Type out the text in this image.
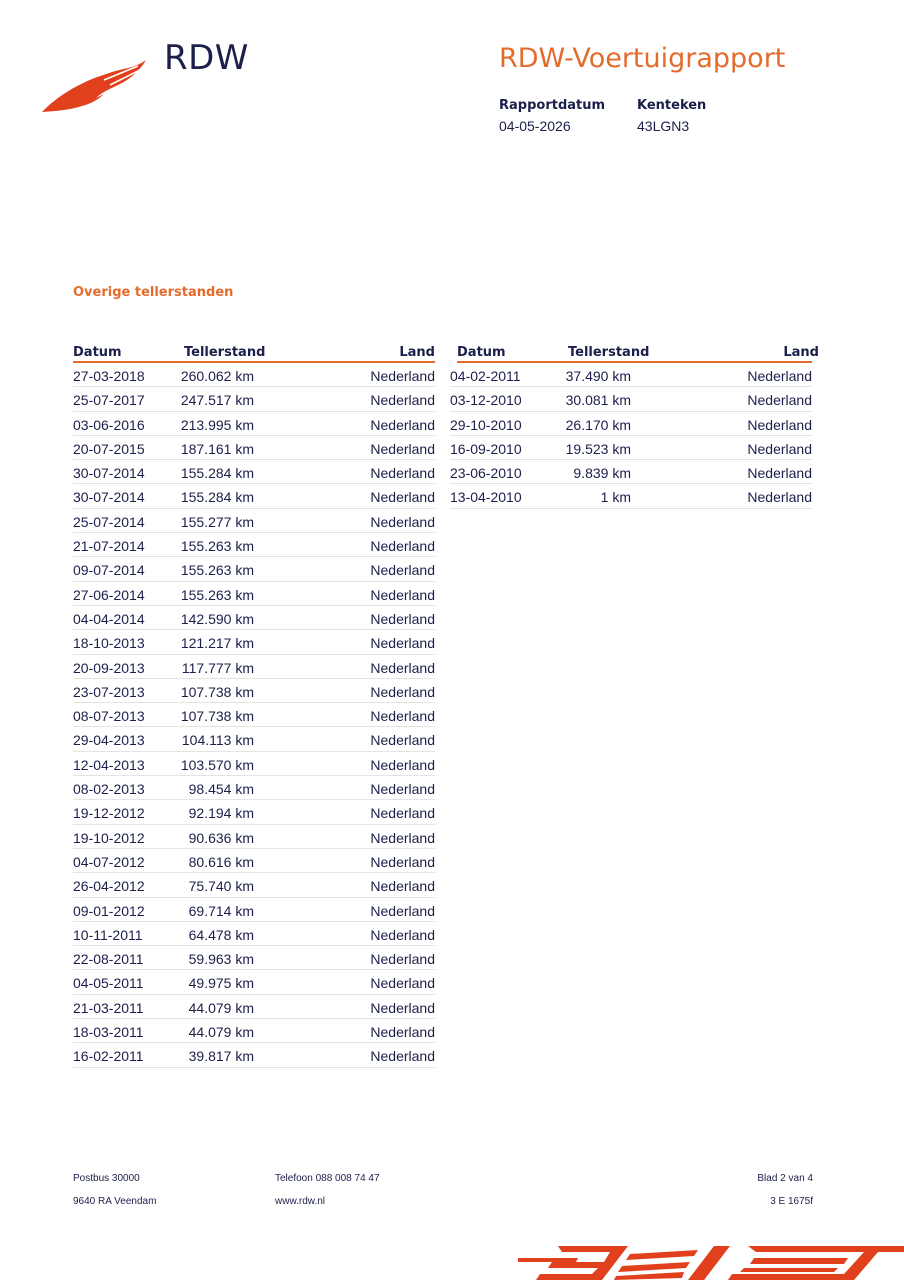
RDW	RDW-Voertuigrapport
Rapportdatum
04-05-2026
Kenteken
43LGN3
Overige tellerstanden
Datum	Tellerstand	Land
27-03-2018	260.062 km	Nederland
25-07-2017	247.517 km	Nederland
03-06-2016	213.995 km	Nederland
20-07-2015	187.161 km	Nederland
30-07-2014	155.284 km	Nederland
30-07-2014	155.284 km	Nederland
25-07-2014	155.277 km	Nederland
21-07-2014	155.263 km	Nederland
09-07-2014	155.263 km	Nederland
27-06-2014	155.263 km	Nederland
04-04-2014	142.590 km	Nederland
18-10-2013	121.217 km	Nederland
20-09-2013	117.777 km	Nederland
23-07-2013	107.738 km	Nederland
08-07-2013	107.738 km	Nederland
29-04-2013	104.113 km	Nederland
12-04-2013	103.570 km	Nederland
08-02-2013	98.454 km	Nederland
19-12-2012	92.194 km	Nederland
19-10-2012	90.636 km	Nederland
04-07-2012	80.616 km	Nederland
26-04-2012	75.740 km	Nederland
09-01-2012	69.714 km	Nederland
10-11-2011	64.478 km	Nederland
22-08-2011	59.963 km	Nederland
04-05-2011	49.975 km	Nederland
21-03-2011	44.079 km	Nederland
18-03-2011	44.079 km	Nederland
16-02-2011	39.817 km	Nederland
Datum	Tellerstand	Land
04-02-2011	37.490 km	Nederland
03-12-2010	30.081 km	Nederland
29-10-2010	26.170 km	Nederland
16-09-2010	19.523 km	Nederland
23-06-2010	9.839 km	Nederland
13-04-2010	1 km	Nederland
Postbus 30000
9640 RA Veendam
Telefoon 088 008 74 47
www.rdw.nl
Blad 2 van 4
3 E 1675f
